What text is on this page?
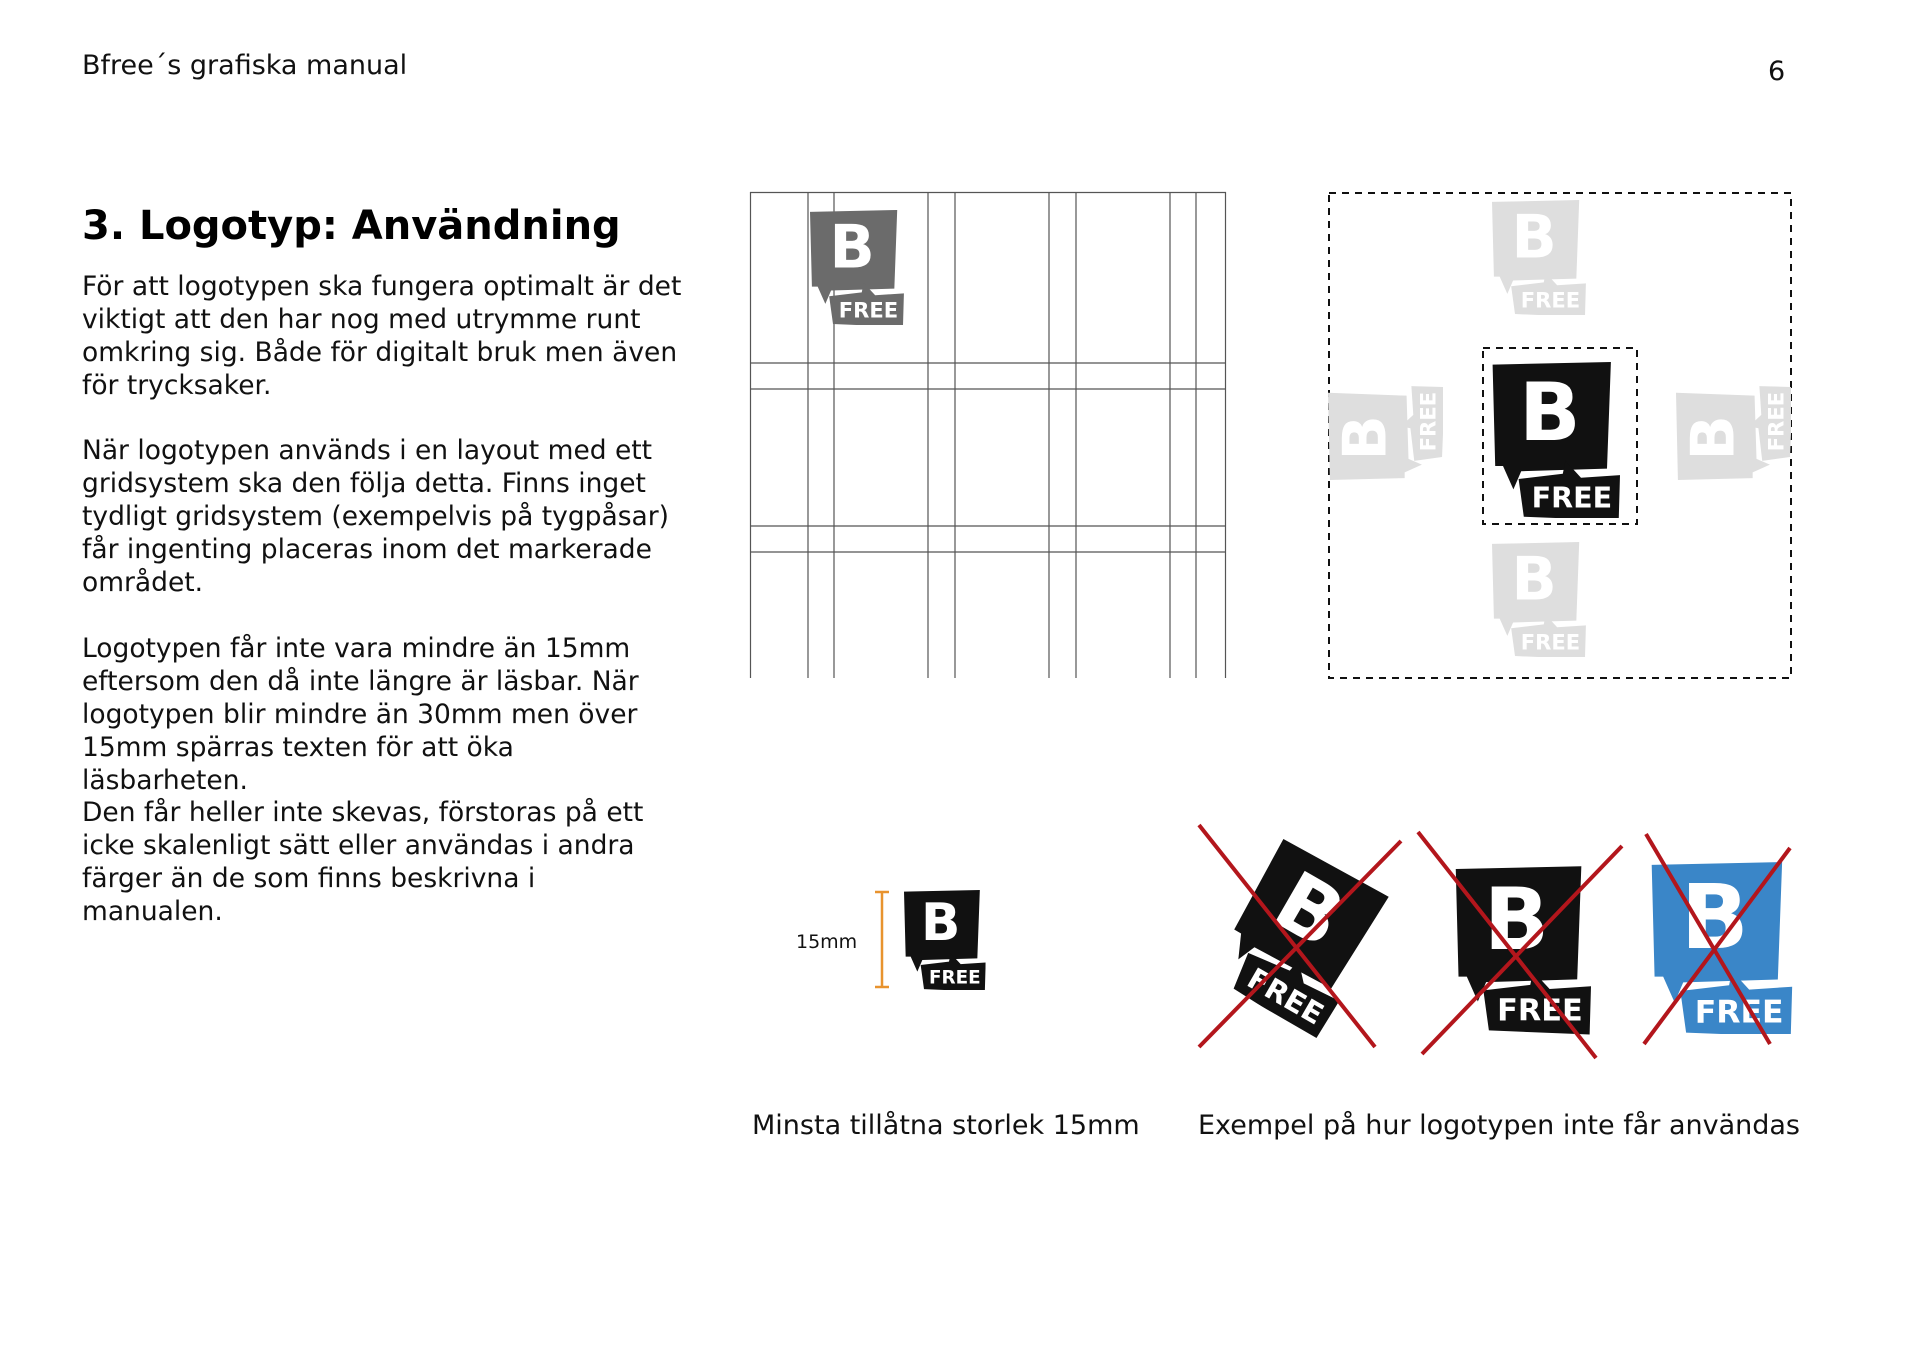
Bfree´s grafiska manual	6
3. Logotyp: Användning

För att logotypen ska fungera optimalt är det viktigt att den har nog med utrymme runt omkring sig. Både för digitalt bruk men även för trycksaker.

När logotypen används i en layout med ett gridsystem ska den följa detta. Finns inget tydligt gridsystem (exempelvis på tygpåsar) får ingenting placeras inom det markerade området.

Logotypen får inte vara mindre än 15mm eftersom den då inte längre är läsbar. När logotypen blir mindre än 30mm men över 15mm spärras texten för att öka läsbarheten.

Den får heller inte skevas, förstoras på ett icke skalenligt sätt eller användas i andra färger än de som finns beskrivna i manualen.

15mm
Minsta tillåtna storlek 15mm Exempel på hur logotypen inte får användas
